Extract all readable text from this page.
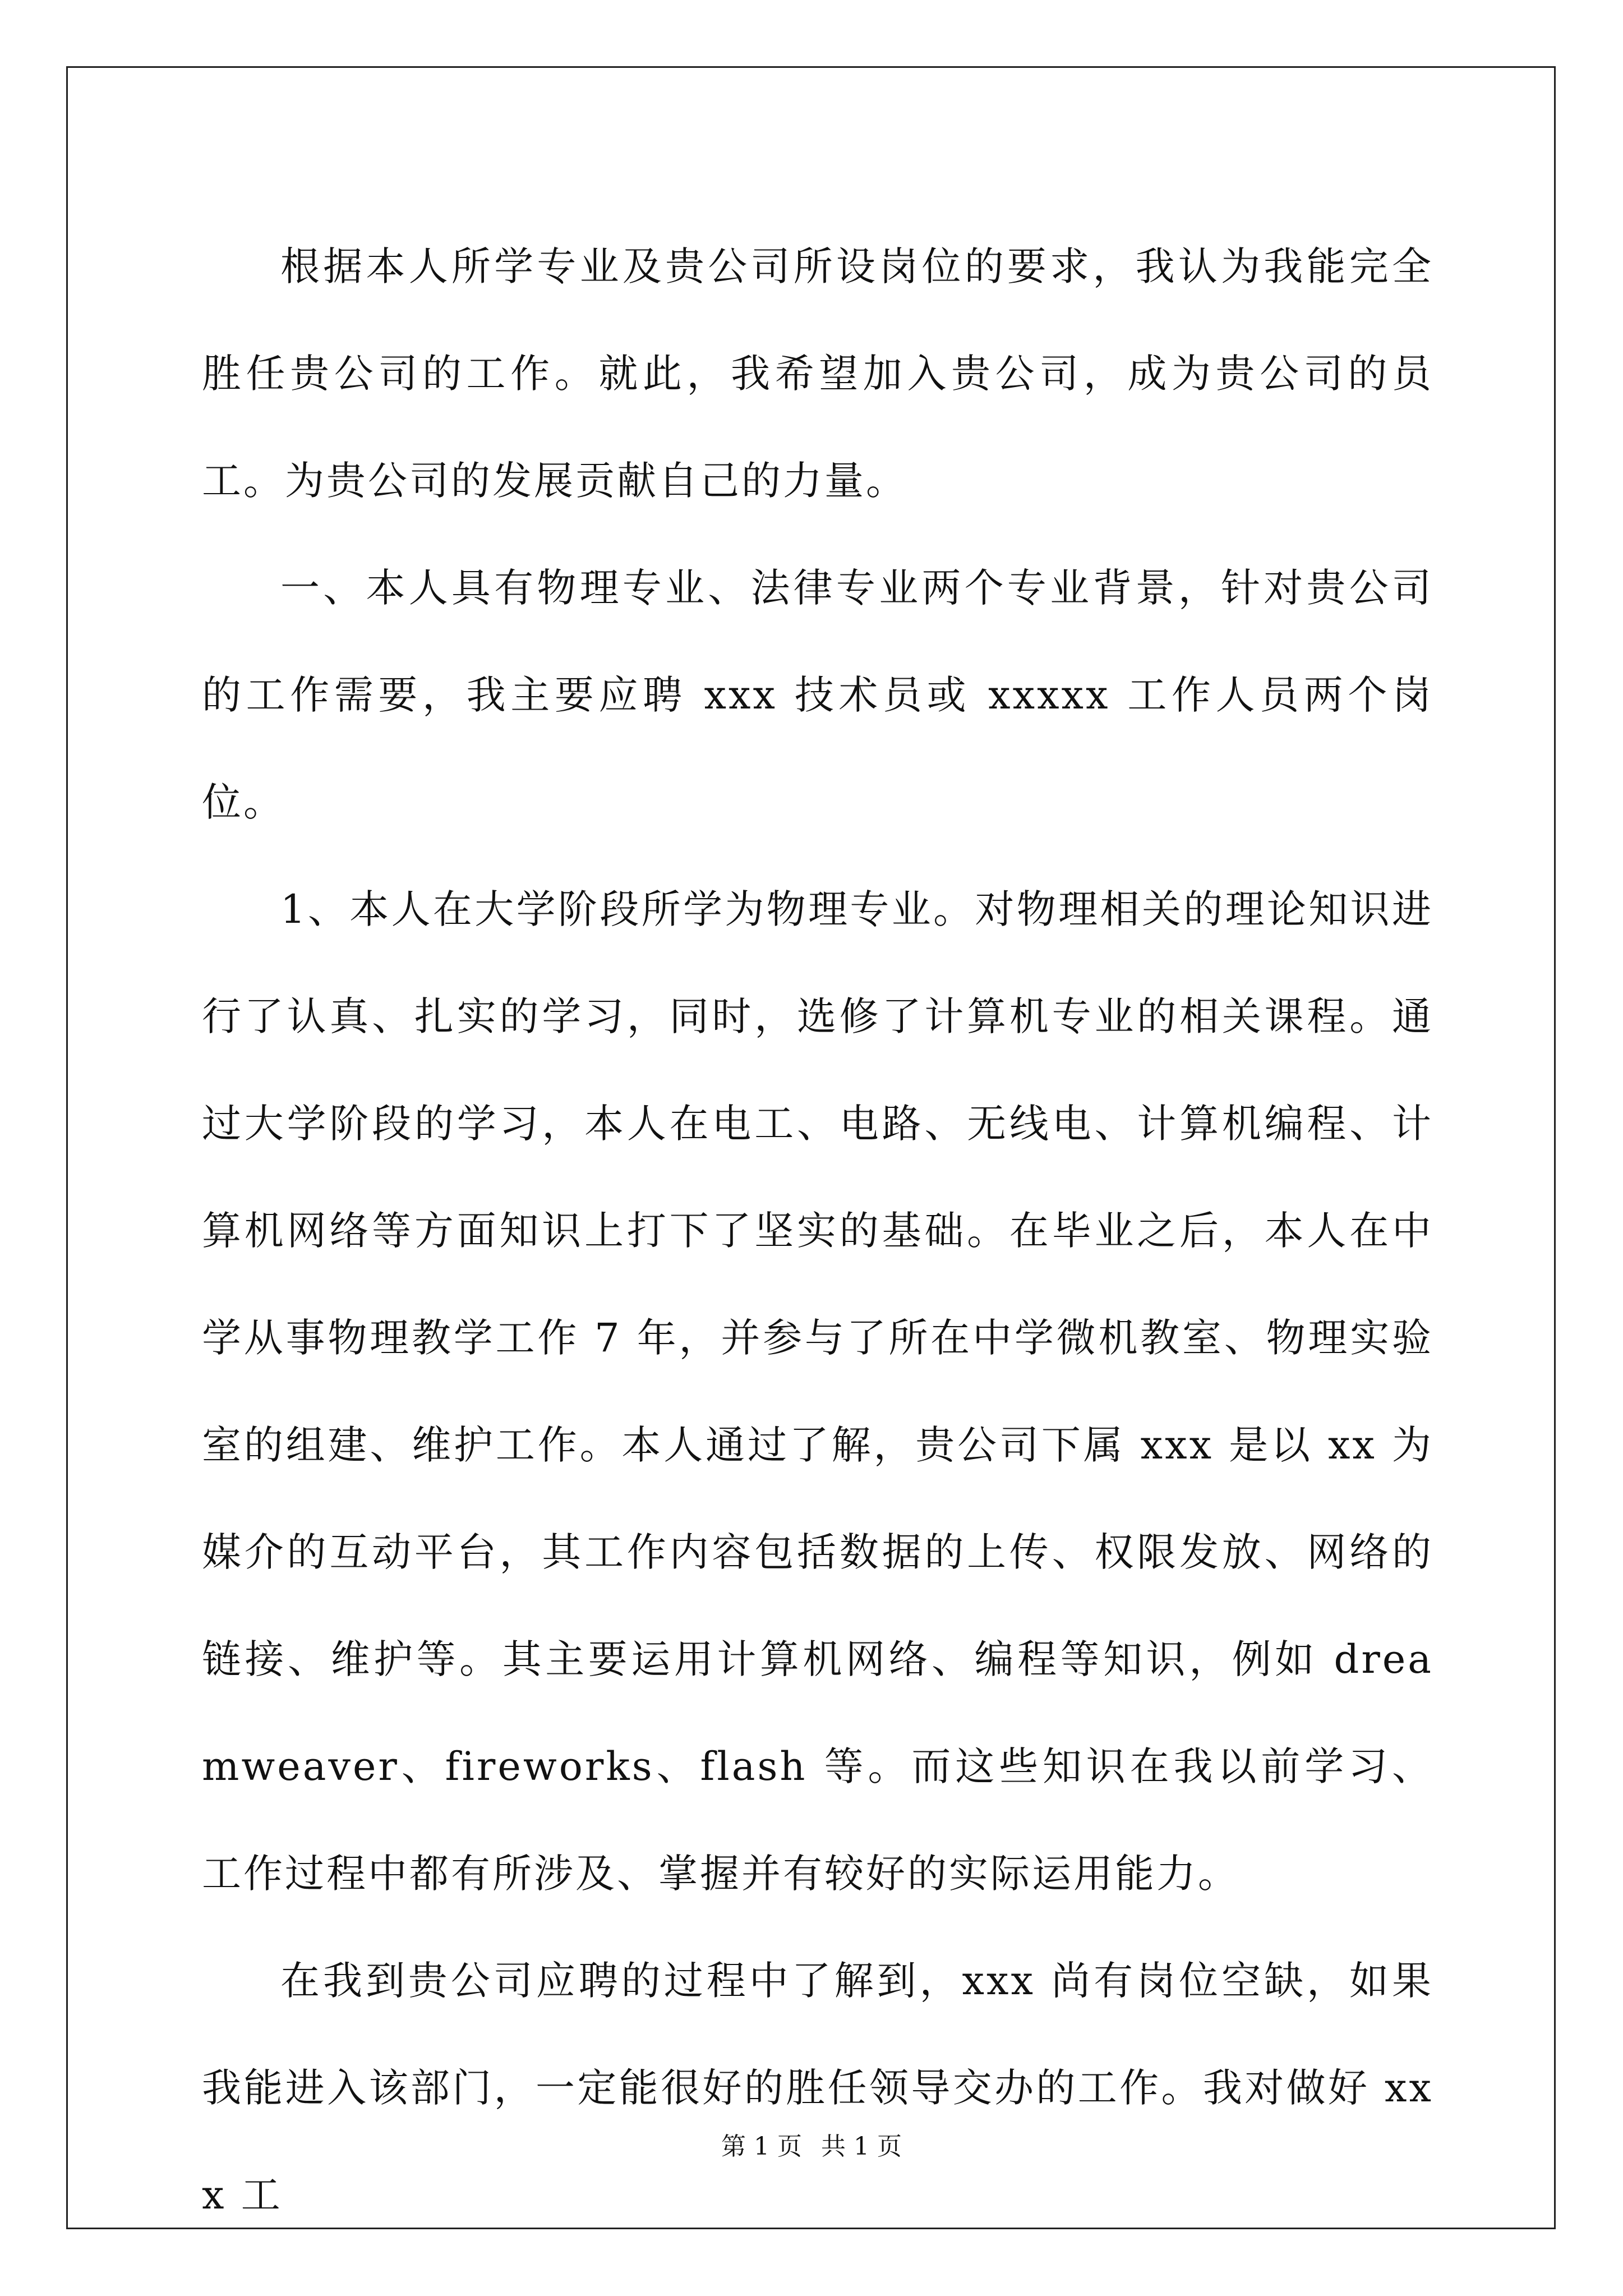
根据本人所学专业及贵公司所设岗位的要求，我认为我能完全胜任贵公司的工作。就此，我希望加入贵公司，成为贵公司的员工。为贵公司的发展贡献自己的力量。

一、本人具有物理专业、法律专业两个专业背景，针对贵公司的工作需要，我主要应聘 xxx 技术员或 xxxxx 工作人员两个岗位。

1、本人在大学阶段所学为物理专业。对物理相关的理论知识进行了认真、扎实的学习，同时，选修了计算机专业的相关课程。通过大学阶段的学习，本人在电工、电路、无线电、计算机编程、计算机网络等方面知识上打下了坚实的基础。在毕业之后，本人在中学从事物理教学工作 7 年，并参与了所在中学微机教室、物理实验室的组建、维护工作。本人通过了解，贵公司下属 xxx 是以 xx 为媒介的互动平台，其工作内容包括数据的上传、权限发放、网络的链接、维护等。其主要运用计算机网络、编程等知识，例如 dreamweaver、fireworks、flash 等。而这些知识在我以前学习、工作过程中都有所涉及、掌握并有较好的实际运用能力。

在我到贵公司应聘的过程中了解到，xxx 尚有岗位空缺，如果我能进入该部门，一定能很好的胜任领导交办的工作。我对做好 xxx 工

第 1 页 共 1 页
